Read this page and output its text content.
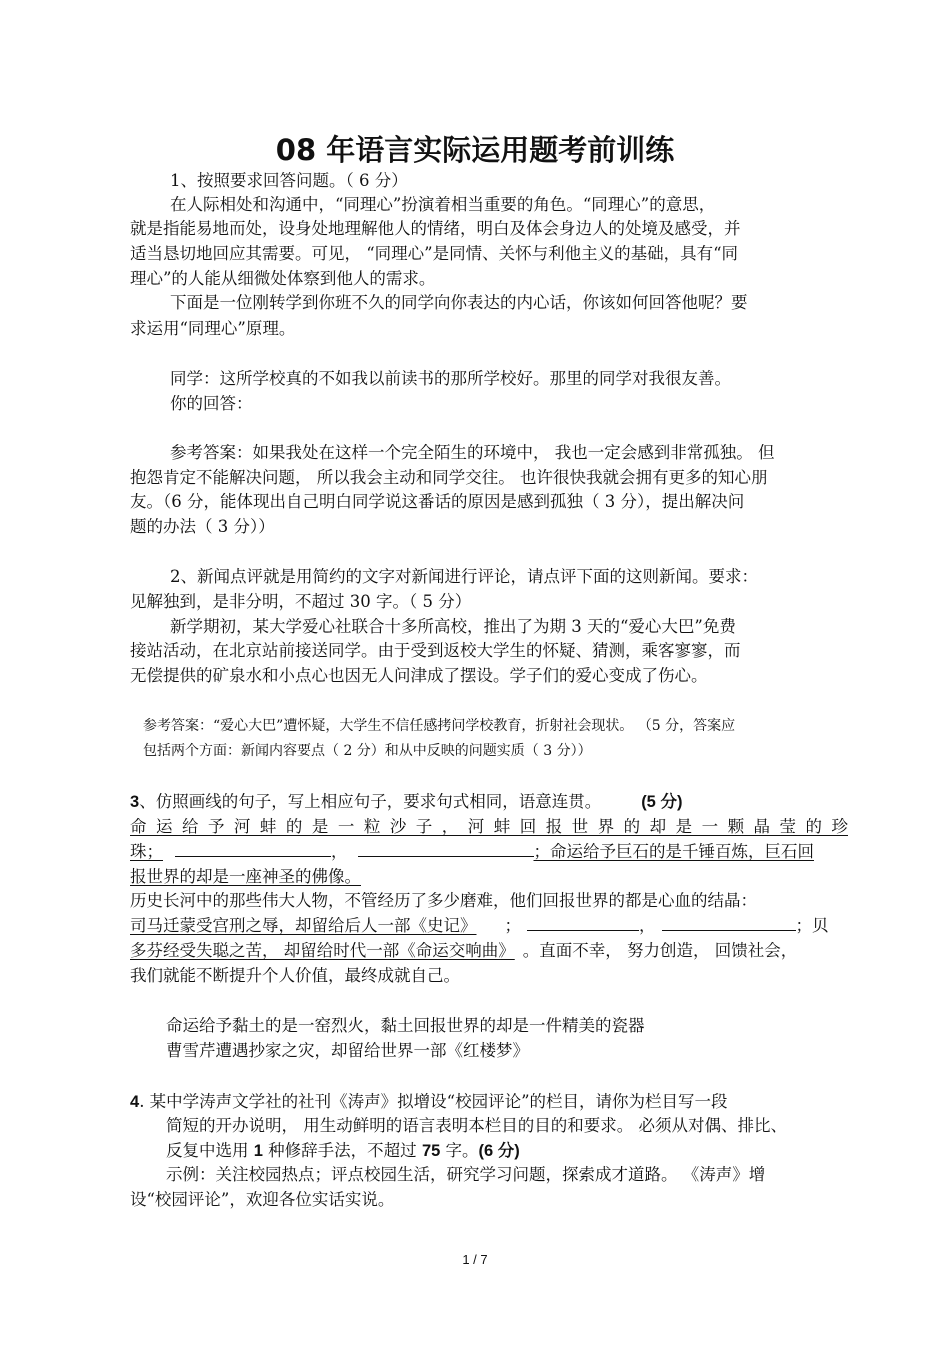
08 年语言实际运用题考前训练
1、按照要求回答问题。（ 6 分）
在人际相处和沟通中，“同理心”扮演着相当重要的角色。“同理心”的意思，
就是指能易地而处，设身处地理解他人的情绪，明白及体会身边人的处境及感受，并
适当恳切地回应其需要。可见， “同理心”是同情、关怀与利他主义的基础，具有“同
理心”的人能从细微处体察到他人的需求。
下面是一位刚转学到你班不久的同学向你表达的内心话，你该如何回答他呢？要
求运用“同理心”原理。
同学：这所学校真的不如我以前读书的那所学校好。那里的同学对我很友善。
你的回答：
参考答案：如果我处在这样一个完全陌生的环境中， 我也一定会感到非常孤独。 但
抱怨肯定不能解决问题， 所以我会主动和同学交往。 也许很快我就会拥有更多的知心朋
友。（6 分，能体现出自己明白同学说这番话的原因是感到孤独（ 3 分），提出解决问
题的办法（ 3 分））
2、新闻点评就是用简约的文字对新闻进行评论，请点评下面的这则新闻。要求：
见解独到，是非分明，不超过 30 字。（ 5 分）
新学期初，某大学爱心社联合十多所高校，推出了为期 3 天的“爱心大巴”免费
接站活动，在北京站前接送同学。由于受到返校大学生的怀疑、猜测，乘客寥寥，而
无偿提供的矿泉水和小点心也因无人问津成了摆设。学子们的爱心变成了伤心。
参考答案：“爱心大巴”遭怀疑，大学生不信任感拷问学校教育，折射社会现状。 （5 分，答案应
包括两个方面：新闻内容要点（ 2 分）和从中反映的问题实质（ 3 分））
3、仿照画线的句子，写上相应句子，要求句式相同，语意连贯。 (5 分)
命运给予河蚌的是一粒沙子，河蚌回报世界的却是一颗晶莹的珍
珠；	，	；命运给予巨石的是千锤百炼，巨石回
报世界的却是一座神圣的佛像。
历史长河中的那些伟大人物，不管经历了多少磨难，他们回报世界的都是心血的结晶：
司马迁蒙受宫刑之辱，却留给后人一部《史记》 ；	，	；贝
多芬经受失聪之苦， 却留给时代一部《命运交响曲》 。直面不幸， 努力创造， 回馈社会，
我们就能不断提升个人价值，最终成就自己。
命运给予黏土的是一窑烈火，黏土回报世界的却是一件精美的瓷器
曹雪芹遭遇抄家之灾，却留给世界一部《红楼梦》
4. 某中学涛声文学社的社刊《涛声》拟增设“校园评论”的栏目，请你为栏目写一段
简短的开办说明， 用生动鲜明的语言表明本栏目的目的和要求。 必须从对偶、排比、
反复中选用 1 种修辞手法，不超过 75 字。(6 分)
示例：关注校园热点；评点校园生活，研究学习问题，探索成才道路。 《涛声》增
设“校园评论”，欢迎各位实话实说。
1 / 7
